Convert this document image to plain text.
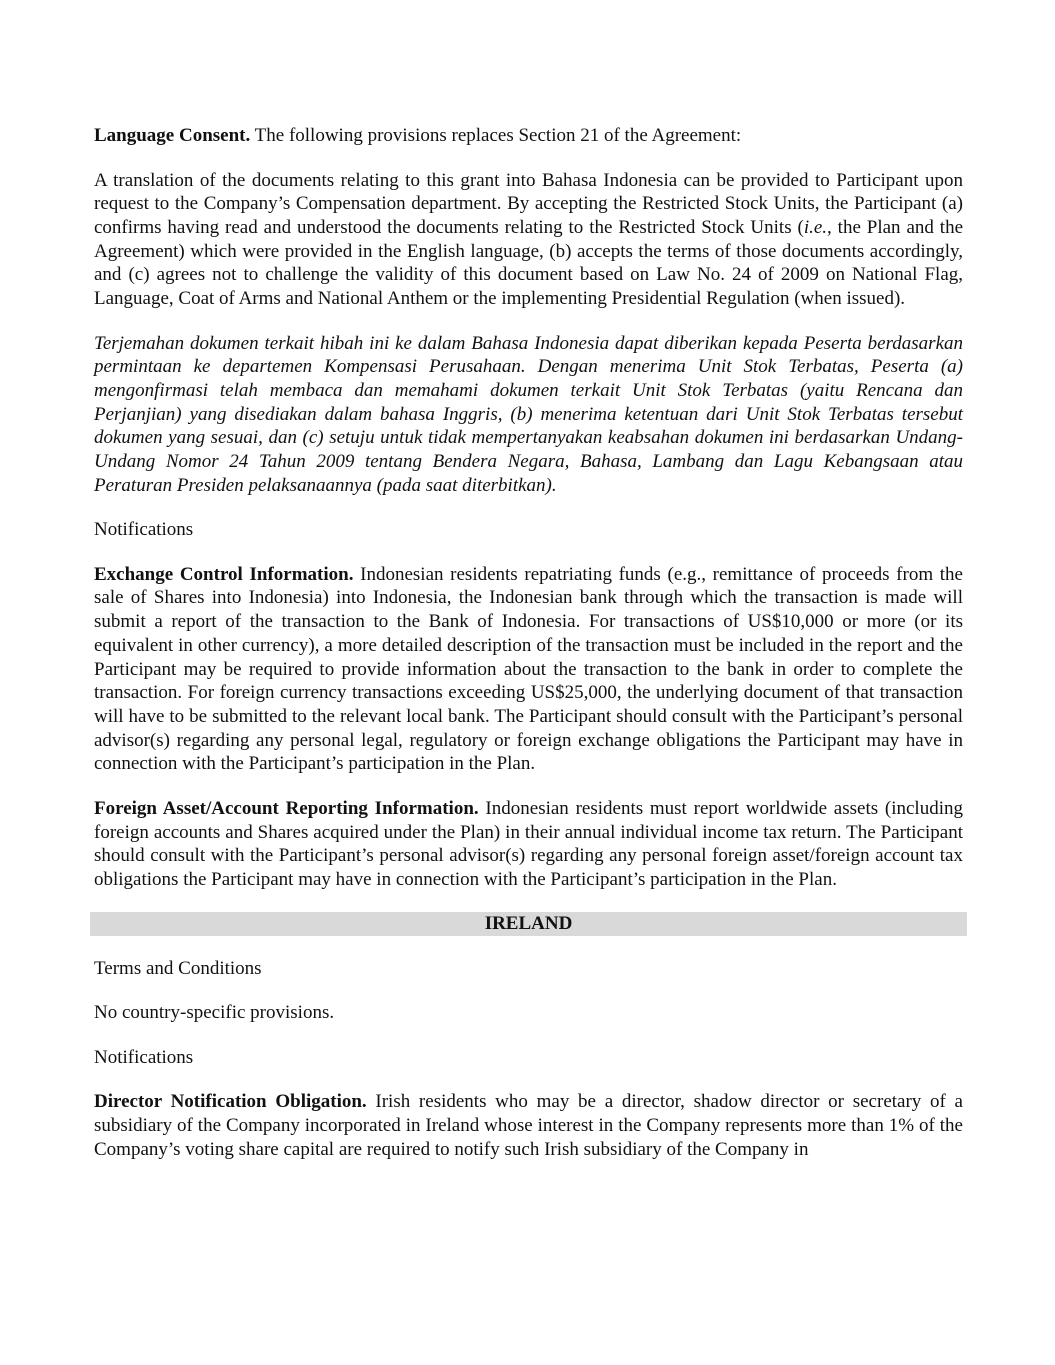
Language Consent. The following provisions replaces Section 21 of the Agreement:

A translation of the documents relating to this grant into Bahasa Indonesia can be provided to Participant upon request to the Company’s Compensation department. By accepting the Restricted Stock Units, the Participant (a) confirms having read and understood the documents relating to the Restricted Stock Units (i.e., the Plan and the Agreement) which were provided in the English language, (b) accepts the terms of those documents accordingly, and (c) agrees not to challenge the validity of this document based on Law No. 24 of 2009 on National Flag, Language, Coat of Arms and National Anthem or the implementing Presidential Regulation (when issued).

Terjemahan dokumen terkait hibah ini ke dalam Bahasa Indonesia dapat diberikan kepada Peserta berdasarkan permintaan ke departemen Kompensasi Perusahaan. Dengan menerima Unit Stok Terbatas, Peserta (a) mengonfirmasi telah membaca dan memahami dokumen terkait Unit Stok Terbatas (yaitu Rencana dan Perjanjian) yang disediakan dalam bahasa Inggris, (b) menerima ketentuan dari Unit Stok Terbatas tersebut dokumen yang sesuai, dan (c) setuju untuk tidak mempertanyakan keabsahan dokumen ini berdasarkan Undang-Undang Nomor 24 Tahun 2009 tentang Bendera Negara, Bahasa, Lambang dan Lagu Kebangsaan atau Peraturan Presiden pelaksanaannya (pada saat diterbitkan).

Notifications

Exchange Control Information. Indonesian residents repatriating funds (e.g., remittance of proceeds from the sale of Shares into Indonesia) into Indonesia, the Indonesian bank through which the transaction is made will submit a report of the transaction to the Bank of Indonesia. For transactions of US$10,000 or more (or its equivalent in other currency), a more detailed description of the transaction must be included in the report and the Participant may be required to provide information about the transaction to the bank in order to complete the transaction. For foreign currency transactions exceeding US$25,000, the underlying document of that transaction will have to be submitted to the relevant local bank. The Participant should consult with the Participant’s personal advisor(s) regarding any personal legal, regulatory or foreign exchange obligations the Participant may have in connection with the Participant’s participation in the Plan.

Foreign Asset/Account Reporting Information. Indonesian residents must report worldwide assets (including foreign accounts and Shares acquired under the Plan) in their annual individual income tax return. The Participant should consult with the Participant’s personal advisor(s) regarding any personal foreign asset/foreign account tax obligations the Participant may have in connection with the Participant’s participation in the Plan.

IRELAND

Terms and Conditions

No country-specific provisions.

Notifications

Director Notification Obligation. Irish residents who may be a director, shadow director or secretary of a subsidiary of the Company incorporated in Ireland whose interest in the Company represents more than 1% of the Company’s voting share capital are required to notify such Irish subsidiary of the Company in
